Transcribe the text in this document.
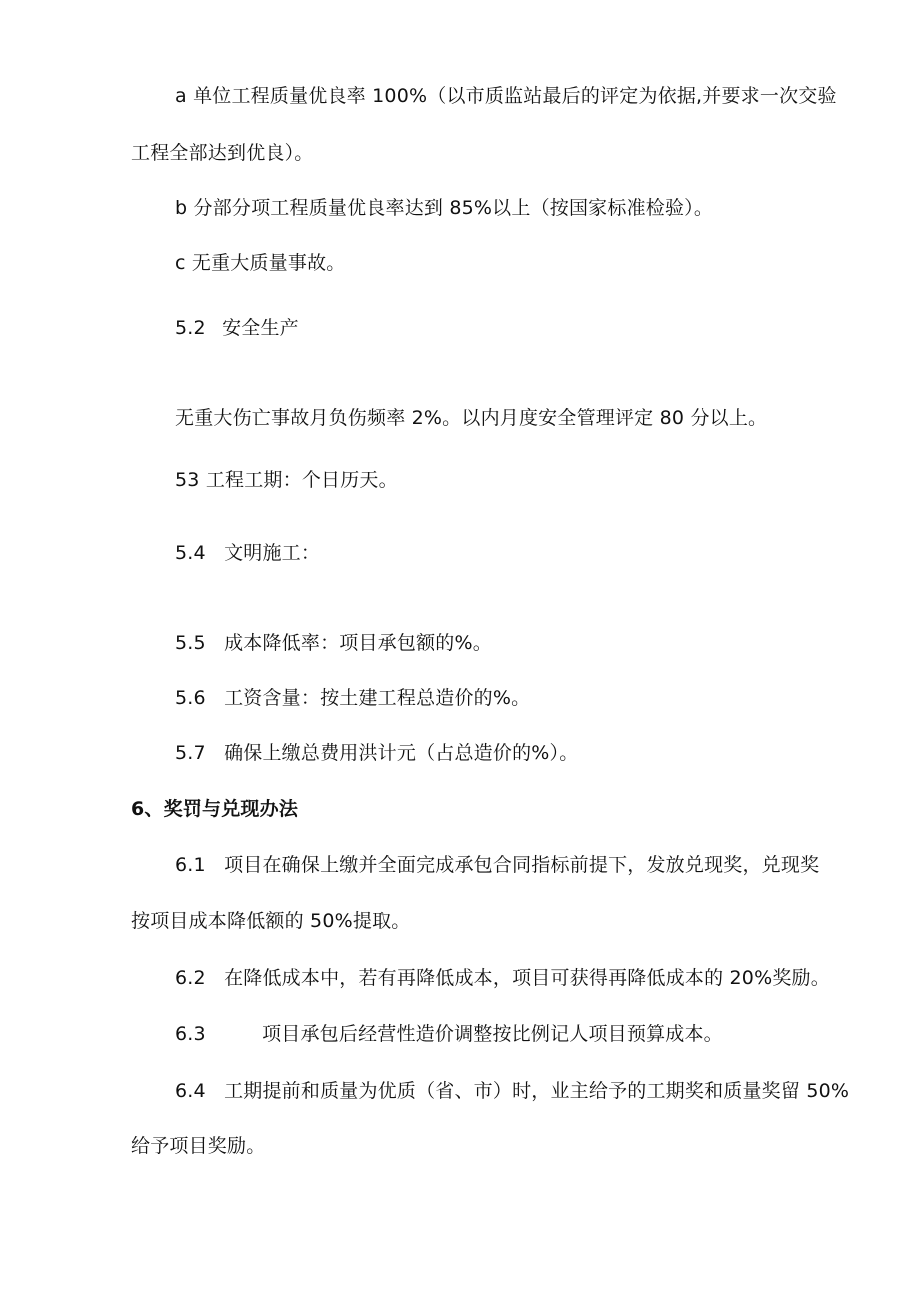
a 单位工程质量优良率 100%（以市质监站最后的评定为依据,并要求一次交验
工程全部达到优良）。
b 分部分项工程质量优良率达到 85%以上（按国家标准检验）。
c 无重大质量事故。
5.2 安全生产
无重大伤亡事故月负伤频率 2%。以内月度安全管理评定 80 分以上。
53 工程工期：个日历天。
5.4 文明施工：
5.5 成本降低率：项目承包额的%。
5.6 工资含量：按土建工程总造价的%。
5.7 确保上缴总费用洪计元（占总造价的%）。
6、奖罚与兑现办法
6.1 项目在确保上缴并全面完成承包合同指标前提下，发放兑现奖，兑现奖
按项目成本降低额的 50%提取。
6.2 在降低成本中，若有再降低成本，项目可获得再降低成本的 20%奖励。
6.3	项目承包后经营性造价调整按比例记人项目预算成本。
6.4 工期提前和质量为优质（省、市）时，业主给予的工期奖和质量奖留 50%
给予项目奖励。
